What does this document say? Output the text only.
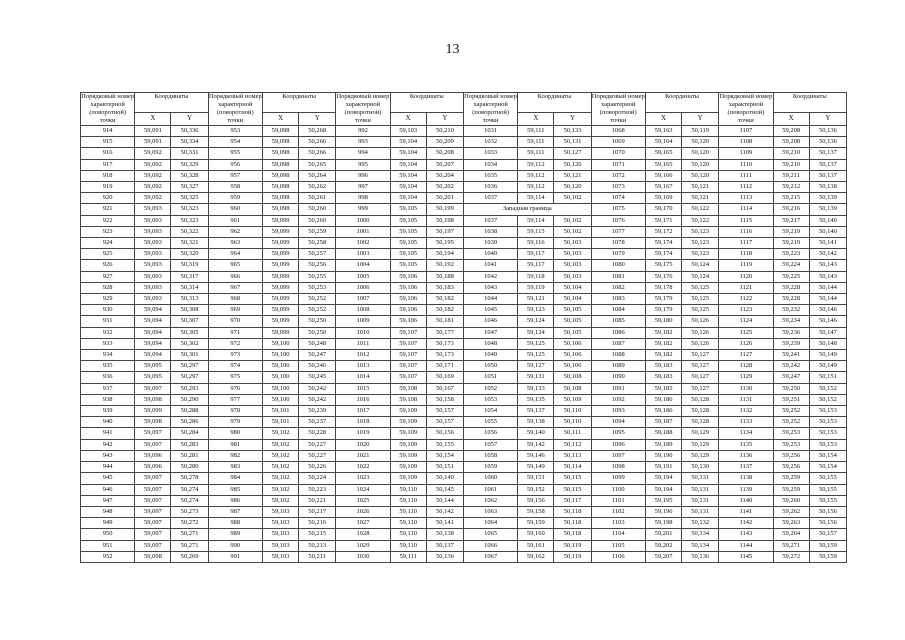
13
Порядковый номер характерной (поворотной) точки	Координаты		Порядковый номер характерной (поворотной) точки	Координаты		Порядковый номер характерной (поворотной) точки	Координаты		Порядковый номер характерной (поворотной) точки	Координаты		Порядковый номер характерной (поворотной) точки	Координаты		Порядковый номер характерной (поворотной) точки	Координаты	
	X	Y		X	Y		X	Y		X	Y		X	Y		X	Y
914	59,091	50,336	953	59,098	50,268	992	59,103	50,210	1031	59,111	50,133	1068	59,163	50,119	1107	59,208	50,136
915	59,091	50,334	954	59,098	50,266	993	59,104	50,209	1032	59,111	50,131	1069	59,164	50,120	1108	59,208	50,136
916	59,092	50,331	955	59,098	50,266	994	59,104	50,208	1033	59,111	50,127	1070	59,165	50,120	1109	59,210	50,137
917	59,092	50,329	956	59,098	50,265	995	59,104	50,207	1034	59,112	50,126	1071	59,165	50,120	1110	59,210	50,137
918	59,092	50,328	957	59,098	50,264	996	59,104	50,204	1035	59,112	50,121	1072	59,166	50,120	1111	59,211	50,137
919	59,092	50,327	958	59,098	50,262	997	59,104	50,202	1036	59,112	50,120	1073	59,167	50,121	1112	59,212	50,138
920	59,092	50,325	959	59,098	50,261	998	59,104	50,201	1037	59,114	50,102	1074	59,169	50,121	1113	59,215	50,139
921	59,093	50,323	960	59,098	50,260	999	59,105	50,199	Западная граница			1075	59,170	50,122	1114	59,216	50,139
922	59,093	50,323	961	59,099	50,260	1000	59,105	50,198	1037	59,114	50,102	1076	59,171	50,122	1115	59,217	50,140
923	59,093	50,322	962	59,099	50,259	1001	59,105	50,197	1038	59,115	50,102	1077	59,172	50,123	1116	59,219	50,140
924	59,093	50,321	963	59,099	50,258	1002	59,105	50,195	1039	59,116	50,103	1078	59,174	50,123	1117	59,219	50,141
925	59,093	50,320	964	59,099	50,257	1003	59,105	50,194	1040	59,117	50,103	1079	59,174	50,123	1118	59,223	50,142
926	59,093	50,319	965	59,099	50,256	1004	59,105	50,192	1041	59,117	50,103	1080	59,175	50,124	1119	59,224	50,143
927	59,093	50,317	966	59,099	50,255	1005	59,106	50,188	1042	59,118	50,103	1081	59,176	50,124	1120	59,225	50,143
928	59,093	50,314	967	59,099	50,253	1006	59,106	50,183	1043	59,119	50,104	1082	59,178	50,125	1121	59,228	50,144
929	59,093	50,313	968	59,099	50,252	1007	59,106	50,182	1044	59,121	50,104	1083	59,179	50,125	1122	59,228	50,144
930	59,094	50,308	969	59,099	50,252	1008	59,106	50,182	1045	59,123	50,105	1084	59,179	50,125	1123	59,232	50,146
931	59,094	50,307	970	59,099	50,250	1009	59,106	50,181	1046	59,124	50,105	1085	59,180	50,126	1124	59,234	50,146
932	59,094	50,305	971	59,099	50,250	1010	59,107	50,177	1047	59,124	50,105	1086	59,182	50,126	1125	59,236	50,147
933	59,094	50,302	972	59,100	50,248	1011	59,107	50,173	1048	59,125	50,106	1087	59,182	50,126	1126	59,239	50,148
934	59,094	50,301	973	59,100	50,247	1012	59,107	50,173	1049	59,125	50,106	1088	59,182	50,127	1127	59,241	50,149
935	59,095	50,297	974	59,100	50,246	1013	59,107	50,171	1050	59,127	50,106	1089	59,183	50,127	1128	59,242	50,149
936	59,095	50,297	975	59,100	50,245	1014	59,107	50,169	1051	59,131	50,108	1090	59,183	50,127	1129	59,247	50,151
937	59,097	50,293	976	59,100	50,242	1015	59,108	50,167	1052	59,133	50,108	1091	59,185	50,127	1130	59,250	50,152
938	59,098	50,290	977	59,100	50,242	1016	59,108	50,158	1053	59,135	50,109	1092	59,186	50,128	1131	59,251	50,152
939	59,099	50,288	978	59,101	50,239	1017	59,109	50,157	1054	59,137	50,110	1093	59,186	50,128	1132	59,252	50,153
940	59,098	50,286	979	59,101	50,237	1018	59,109	50,157	1055	59,138	50,110	1094	59,187	50,128	1133	59,252	50,153
941	59,097	50,284	980	59,102	50,228	1019	59,109	50,156	1056	59,140	50,111	1095	59,188	50,129	1134	59,253	50,153
942	59,097	50,283	981	59,102	50,227	1020	59,109	50,155	1057	59,142	50,112	1096	59,189	50,129	1135	59,253	50,153
943	59,096	50,281	982	59,102	50,227	1021	59,109	50,154	1058	59,146	50,113	1097	59,190	50,129	1136	59,256	50,154
944	59,096	50,280	983	59,102	50,226	1022	59,109	50,151	1059	59,149	50,114	1098	59,191	50,130	1137	59,256	50,154
945	59,097	50,278	984	59,102	50,224	1023	59,109	50,149	1060	59,151	50,115	1099	59,194	50,131	1138	59,259	50,155
946	59,097	50,274	985	59,102	50,223	1024	59,110	50,145	1061	59,152	50,115	1100	59,194	50,131	1139	59,259	50,155
947	59,097	50,274	986	59,102	50,221	1025	59,110	50,144	1062	59,156	50,117	1101	59,195	50,131	1140	59,260	50,155
948	59,097	50,273	987	59,103	50,217	1026	59,110	50,142	1063	59,158	50,118	1102	59,196	50,131	1141	59,262	50,156
949	59,097	50,272	988	59,103	50,216	1027	59,110	50,141	1064	59,159	50,118	1103	59,198	50,132	1142	59,263	50,156
950	59,097	50,271	989	59,103	50,215	1028	59,110	50,138	1065	59,160	50,118	1104	59,201	50,134	1143	59,264	50,157
951	59,097	50,271	990	59,103	50,213	1029	59,110	50,137	1066	59,161	50,119	1105	59,202	50,134	1144	59,271	50,159
952	59,098	50,269	991	59,103	50,211	1030	59,111	50,136	1067	59,162	50,119	1106	59,207	50,136	1145	59,272	50,159
